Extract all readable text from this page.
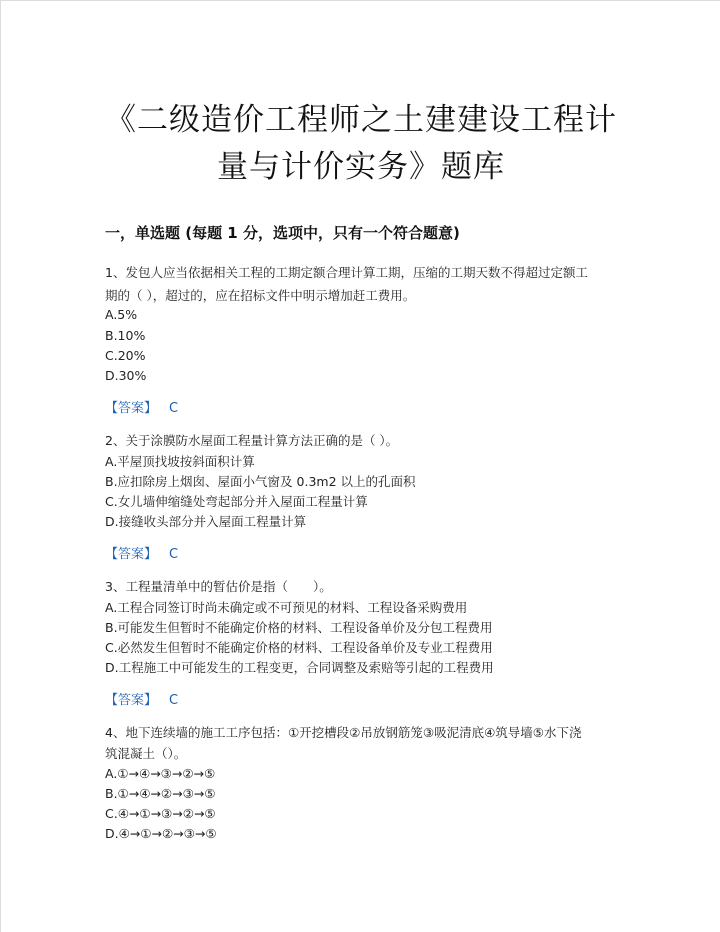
《二级造价工程师之土建建设工程计
量与计价实务》题库
一，单选题 (每题 1 分，选项中，只有一个符合题意)
1、发包人应当依据相关工程的工期定额合理计算工期，压缩的工期天数不得超过定额工
期的（ ），超过的，应在招标文件中明示增加赶工费用。
A.5%
B.10%
C.20%
D.30%
【答案】 C
2、关于涂膜防水屋面工程量计算方法正确的是（ ）。
A.平屋顶找坡按斜面积计算
B.应扣除房上烟囱、屋面小气窗及 0.3m2 以上的孔面积
C.女儿墙伸缩缝处弯起部分并入屋面工程量计算
D.接缝收头部分并入屋面工程量计算
【答案】 C
3、工程量清单中的暂估价是指（　　）。
A.工程合同签订时尚未确定或不可预见的材料、工程设备采购费用
B.可能发生但暂时不能确定价格的材料、工程设备单价及分包工程费用
C.必然发生但暂时不能确定价格的材料、工程设备单价及专业工程费用
D.工程施工中可能发生的工程变更，合同调整及索赔等引起的工程费用
【答案】 C
4、地下连续墙的施工工序包括：①开挖槽段②吊放钢筋笼③吸泥清底④筑导墙⑤水下浇
筑混凝土（）。
A.①→④→③→②→⑤
B.①→④→②→③→⑤
C.④→①→③→②→⑤
D.④→①→②→③→⑤
